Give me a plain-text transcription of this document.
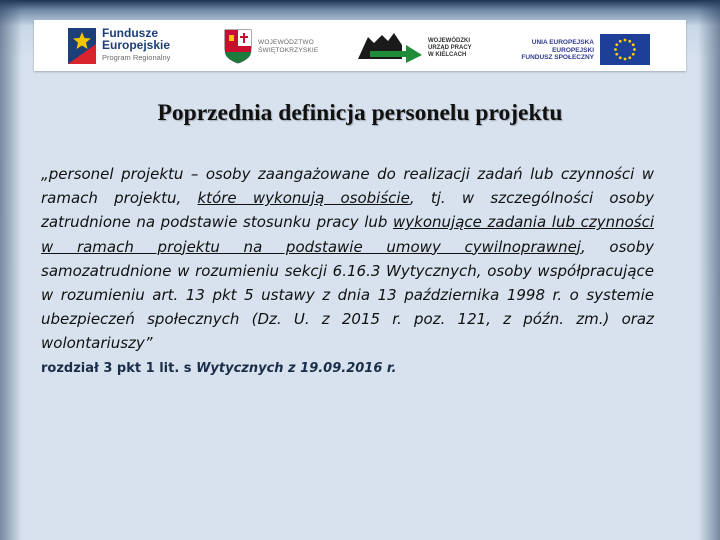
Fundusze
Europejskie
Program Regionalny
WOJEWÓDZTWO
ŚWIĘTOKRZYSKIE
WOJEWÓDZKI
URZĄD PRACY
W KIELCACH
UNIA EUROPEJSKA
EUROPEJSKI
FUNDUSZ SPOŁECZNY
Poprzednia definicja personelu projektu

„personel projektu – osoby zaangażowane do realizacji zadań lub czynności w ramach projektu, które wykonują osobiście, tj. w szczególności osoby zatrudnione na podstawie stosunku pracy lub wykonujące zadania lub czynności w ramach projektu na podstawie umowy cywilnoprawnej, osoby samozatrudnione w rozumieniu sekcji 6.16.3 Wytycznych, osoby współpracujące w rozumieniu art. 13 pkt 5 ustawy z dnia 13 października 1998 r. o systemie ubezpieczeń społecznych (Dz. U. z 2015 r. poz. 121, z późn. zm.) oraz wolontariuszy”

rozdział 3 pkt 1 lit. s Wytycznych z 19.09.2016 r.
